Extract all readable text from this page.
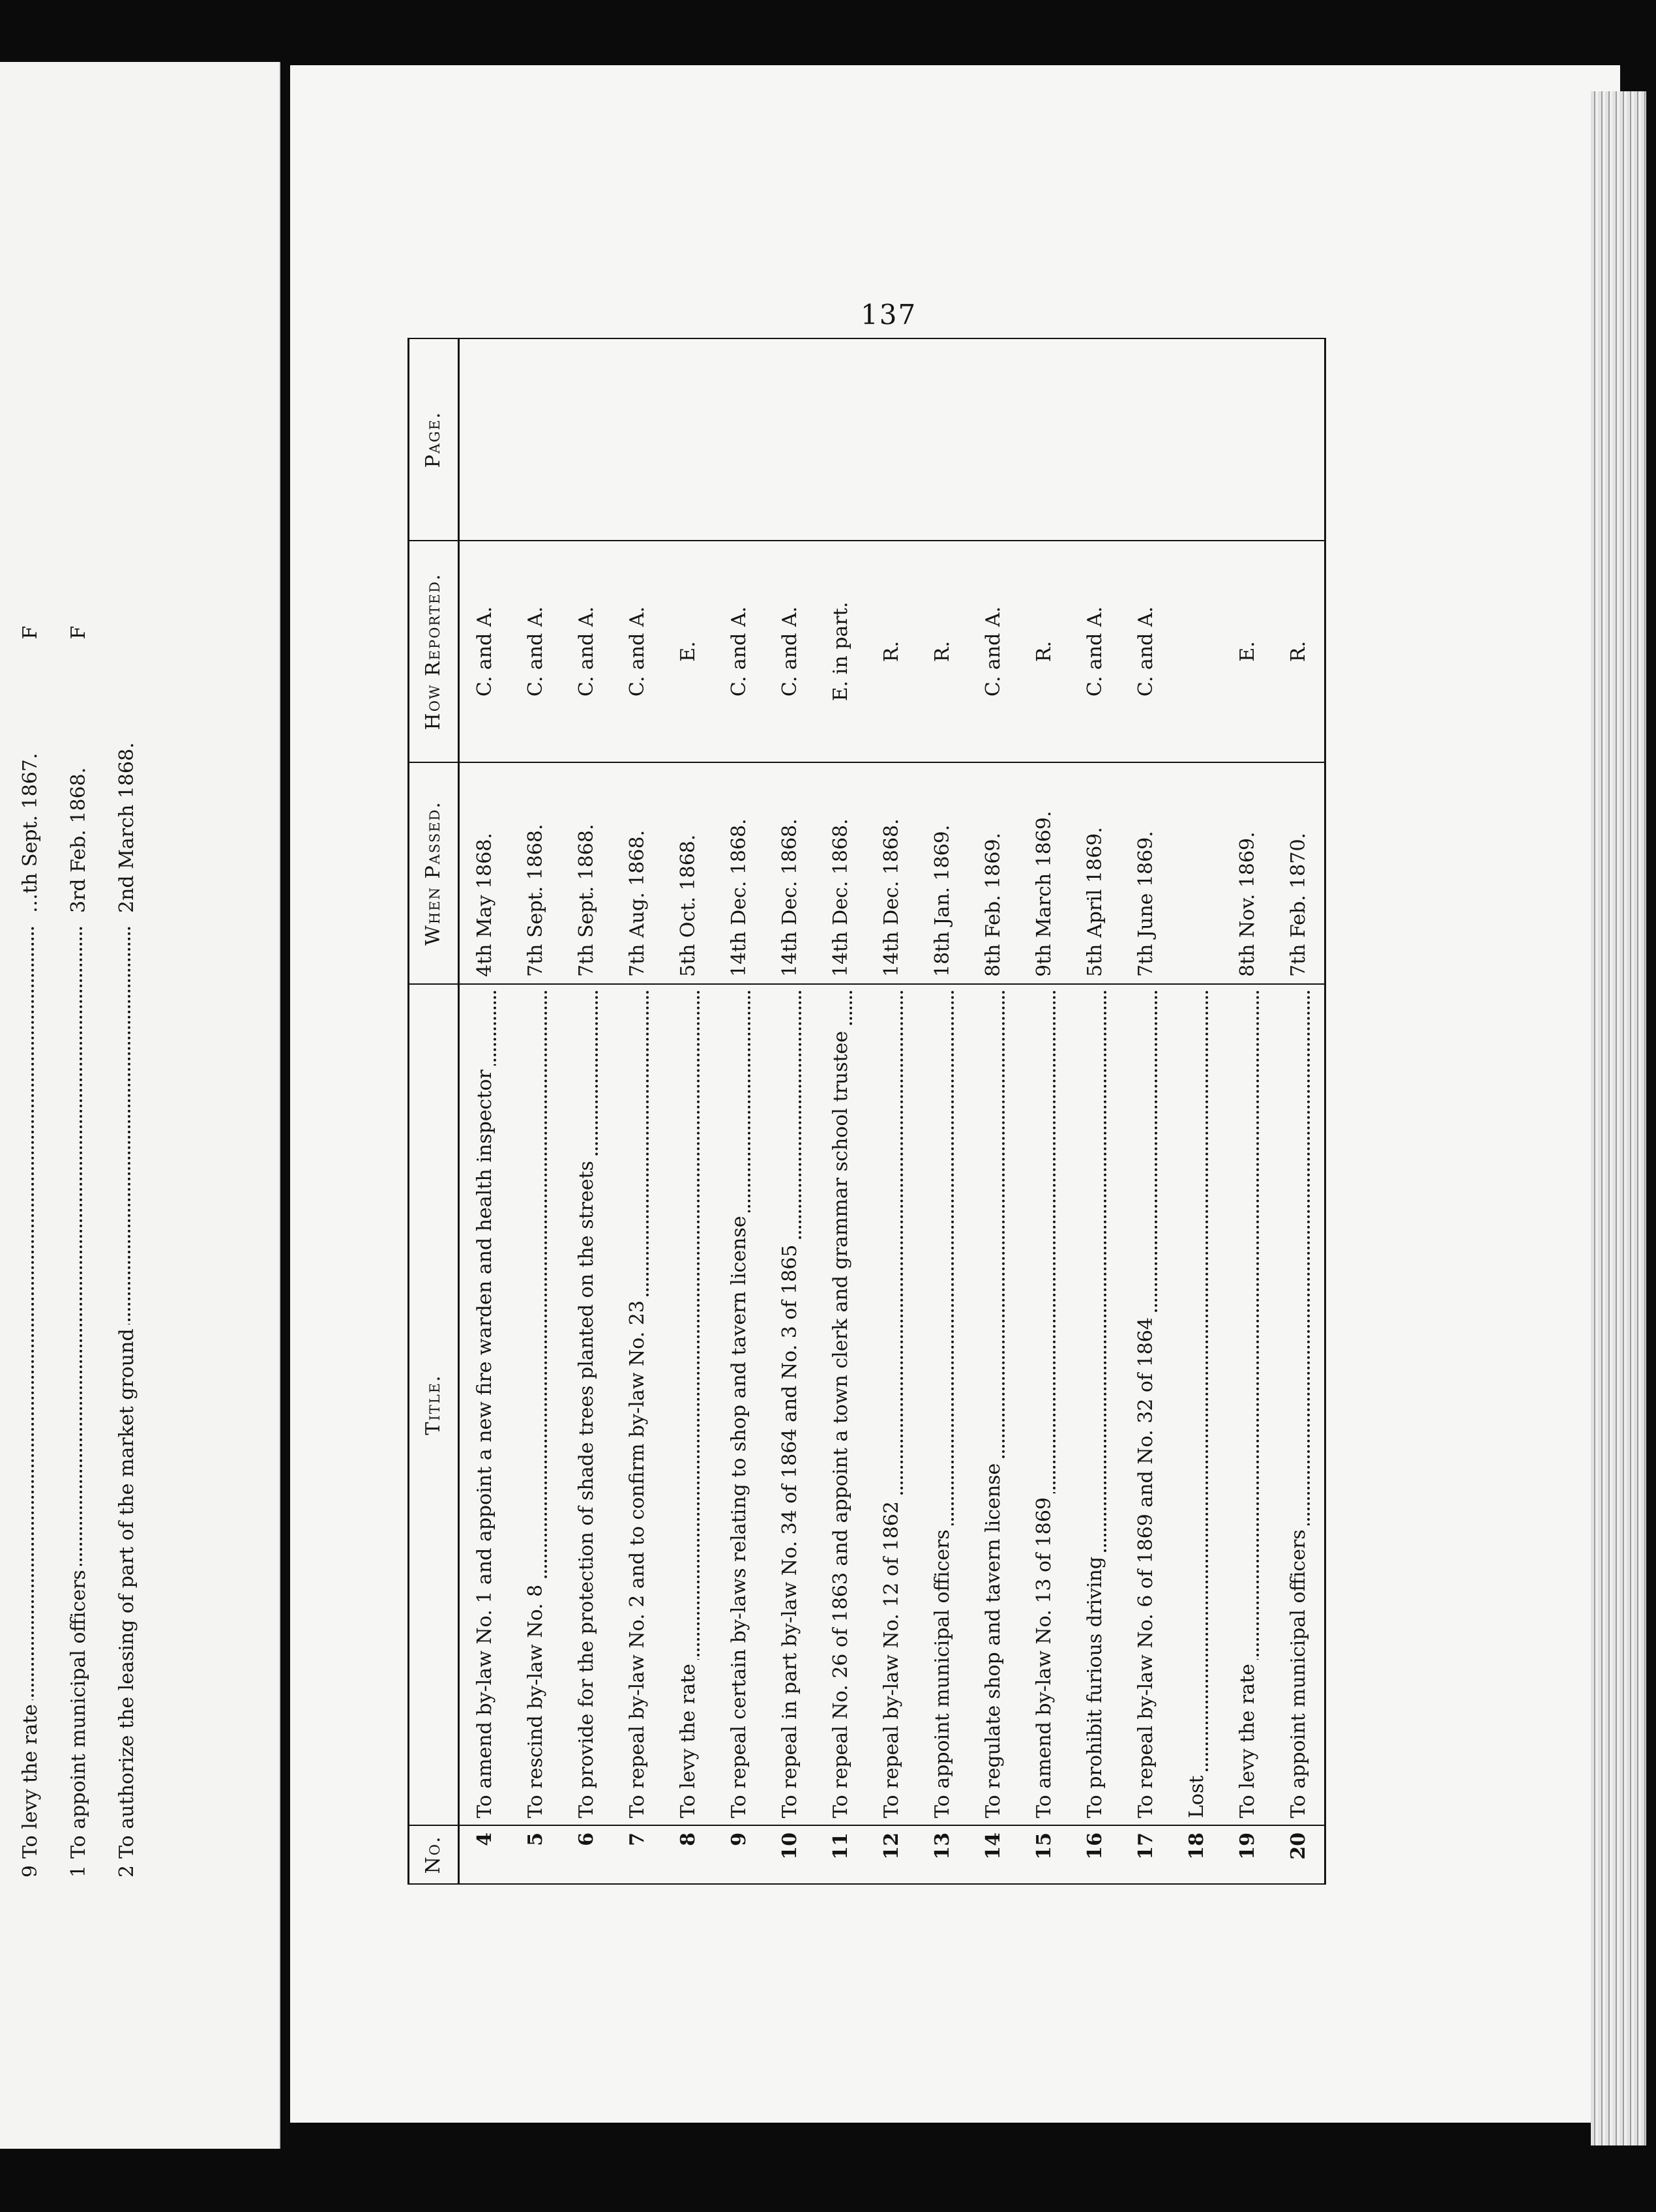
137
9
To levy the rate
…th Sept. 1867.
F
1
To appoint municipal officers
3rd Feb. 1868.
F
2
To authorize the leasing of part of the market ground
2nd March 1868.
No.	Title.	When Passed.	How Reported.	Page.
4	To amend by-law No. 1 and appoint a new fire warden and health inspector	4th May 1868.	C. and A.	
5	To rescind by-law No. 8	7th Sept. 1868.	C. and A.	
6	To provide for the protection of shade trees planted on the streets	7th Sept. 1868.	C. and A.	
7	To repeal by-law No. 2 and to confirm by-law No. 23	7th Aug. 1868.	C. and A.	
8	To levy the rate	5th Oct. 1868.	E.	
9	To repeal certain by-laws relating to shop and tavern license	14th Dec. 1868.	C. and A.	
10	To repeal in part by-law No. 34 of 1864 and No. 3 of 1865	14th Dec. 1868.	C. and A.	
11	To repeal No. 26 of 1863 and appoint a town clerk and grammar school trustee	14th Dec. 1868.	E. in part.	
12	To repeal by-law No. 12 of 1862	14th Dec. 1868.	R.	
13	To appoint municipal officers	18th Jan. 1869.	R.	
14	To regulate shop and tavern license	8th Feb. 1869.	C. and A.	
15	To amend by-law No. 13 of 1869	9th March 1869.	R.	
16	To prohibit furious driving	5th April 1869.	C. and A.	
17	To repeal by-law No. 6 of 1869 and No. 32 of 1864	7th June 1869.	C. and A.	
18	Lost			
19	To levy the rate	8th Nov. 1869.	E.	
20	To appoint municipal officers	7th Feb. 1870.	R.	
